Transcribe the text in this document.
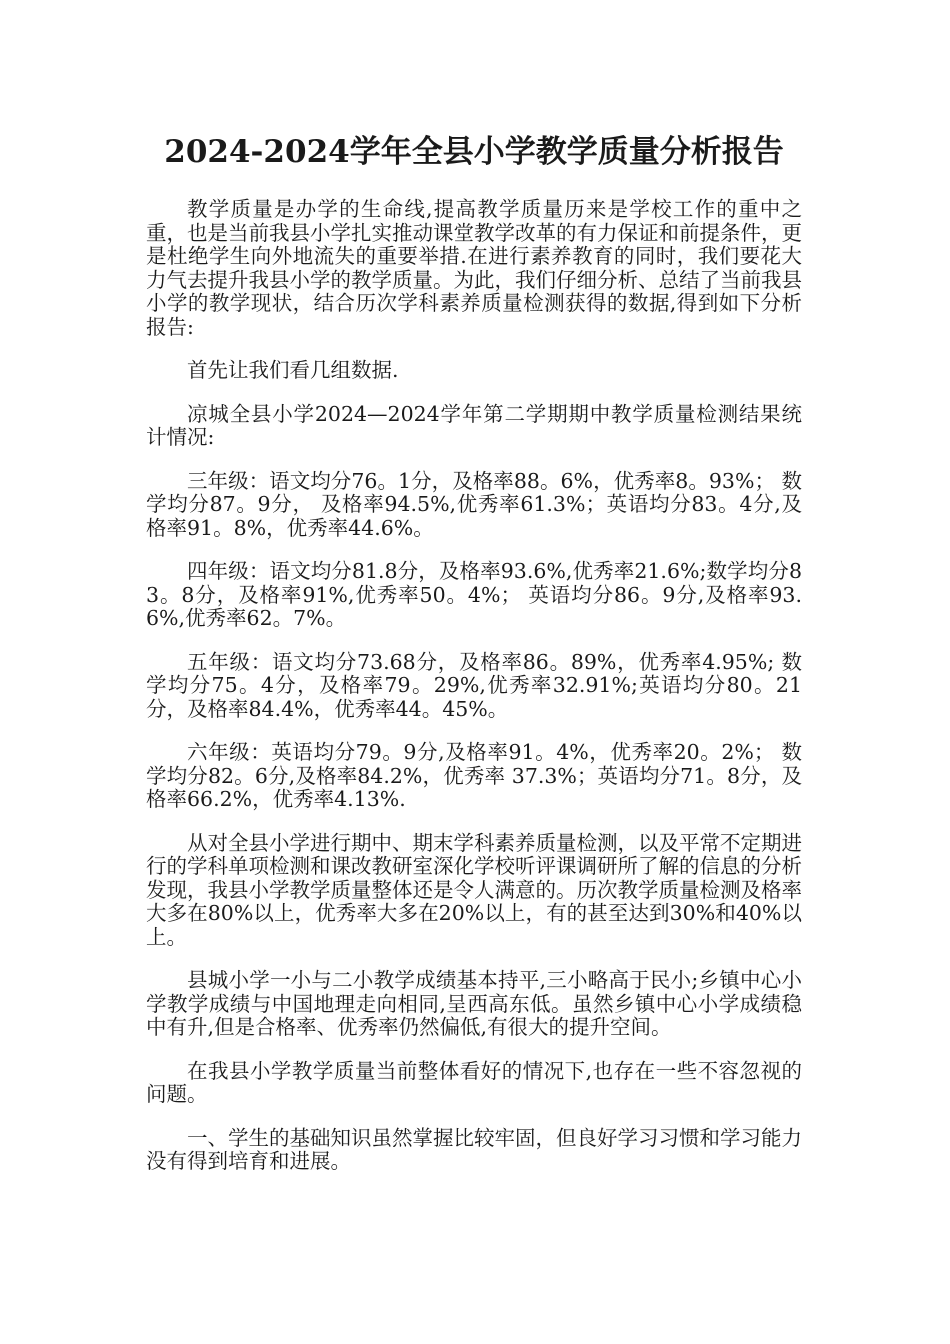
2024-2024学年全县小学教学质量分析报告

教学质量是办学的生命线,提高教学质量历来是学校工作的重中之重，也是当前我县小学扎实推动课堂教学改革的有力保证和前提条件，更是杜绝学生向外地流失的重要举措.在进行素养教育的同时，我们要花大力气去提升我县小学的教学质量。为此，我们仔细分析、总结了当前我县小学的教学现状，结合历次学科素养质量检测获得的数据,得到如下分析报告:

首先让我们看几组数据.

凉城全县小学2024—2024学年第二学期期中教学质量检测结果统计情况:

三年级：语文均分76。1分，及格率88。6%，优秀率8。93%； 数学均分87。9分， 及格率94.5%,优秀率61.3%；英语均分83。4分,及格率91。8%，优秀率44.6%。

四年级：语文均分81.8分，及格率93.6%,优秀率21.6%;数学均分83。8分，及格率91%,优秀率50。4%； 英语均分86。9分,及格率93.6%,优秀率62。7%。

五年级：语文均分73.68分，及格率86。89%，优秀率4.95%; 数学均分75。4分，及格率79。29%,优秀率32.91%;英语均分80。21分，及格率84.4%，优秀率44。45%。

六年级：英语均分79。9分,及格率91。4%，优秀率20。2%； 数学均分82。6分,及格率84.2%，优秀率 37.3%；英语均分71。8分，及格率66.2%，优秀率4.13%.

从对全县小学进行期中、期末学科素养质量检测，以及平常不定期进行的学科单项检测和课改教研室深化学校听评课调研所了解的信息的分析发现，我县小学教学质量整体还是令人满意的。历次教学质量检测及格率大多在80%以上，优秀率大多在20%以上，有的甚至达到30%和40%以上。

县城小学一小与二小教学成绩基本持平,三小略高于民小;乡镇中心小学教学成绩与中国地理走向相同,呈西高东低。虽然乡镇中心小学成绩稳中有升,但是合格率、优秀率仍然偏低,有很大的提升空间。

在我县小学教学质量当前整体看好的情况下,也存在一些不容忽视的问题。

一、学生的基础知识虽然掌握比较牢固，但良好学习习惯和学习能力没有得到培育和进展。
